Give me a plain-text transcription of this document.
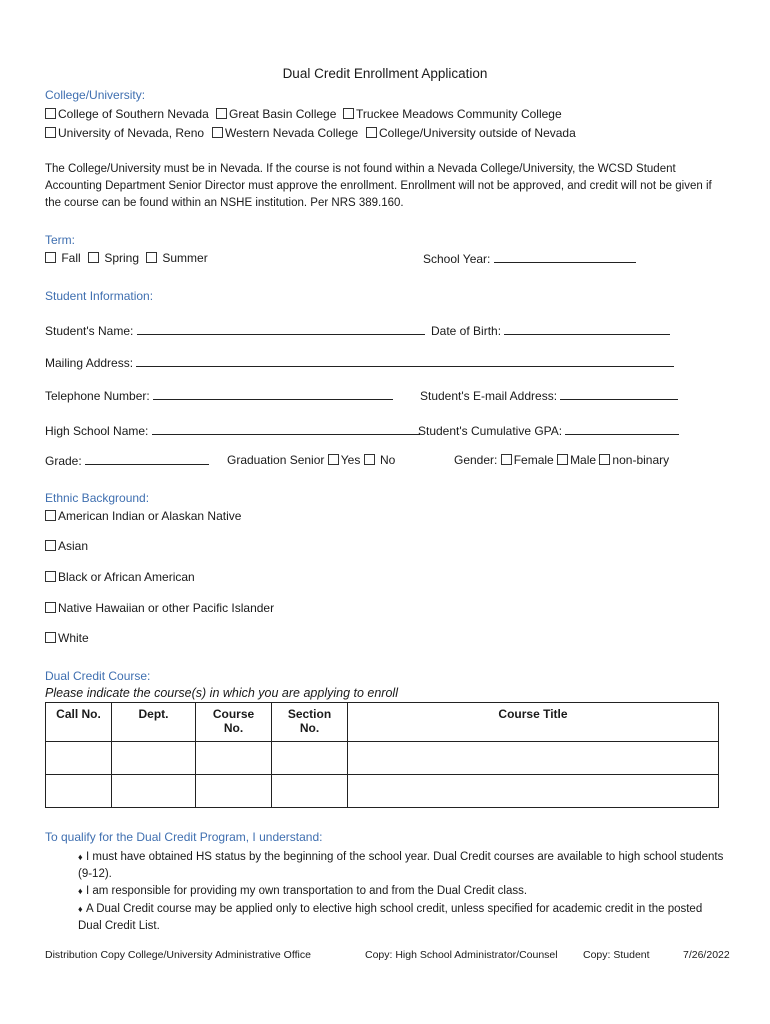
Dual Credit Enrollment Application
College/University:
College of Southern Nevada	Great Basin College	Truckee Meadows Community College
University of Nevada, Reno	Western Nevada College	College/University outside of Nevada
The College/University must be in Nevada. If the course is not found within a Nevada College/University, the WCSD Student Accounting Department Senior Director must approve the enrollment. Enrollment will not be approved, and credit will not be given if the course can be found within an NSHE institution. Per NRS 389.160.
Term:
Fall	Spring	Summer	School Year:
Student Information:
Student's Name:	Date of Birth:
Mailing Address:
Telephone Number:	Student's E-mail Address:
High School Name:	Student's Cumulative GPA:
Grade:	Graduation Senior Yes No	Gender: Female Male non-binary
Ethnic Background:
American Indian or Alaskan Native
Asian
Black or African American
Native Hawaiian or other Pacific Islander
White
Dual Credit Course:
Please indicate the course(s) in which you are applying to enroll
Call No.	Dept.	Course No.	Section No.	Course Title

To qualify for the Dual Credit Program, I understand:
♦ I must have obtained HS status by the beginning of the school year. Dual Credit courses are available to high school students (9-12).
♦ I am responsible for providing my own transportation to and from the Dual Credit class.
♦ A Dual Credit course may be applied only to elective high school credit, unless specified for academic credit in the posted Dual Credit List.
Distribution Copy College/University Administrative Office	Copy: High School Administrator/Counsel Copy: Student	7/26/2022
